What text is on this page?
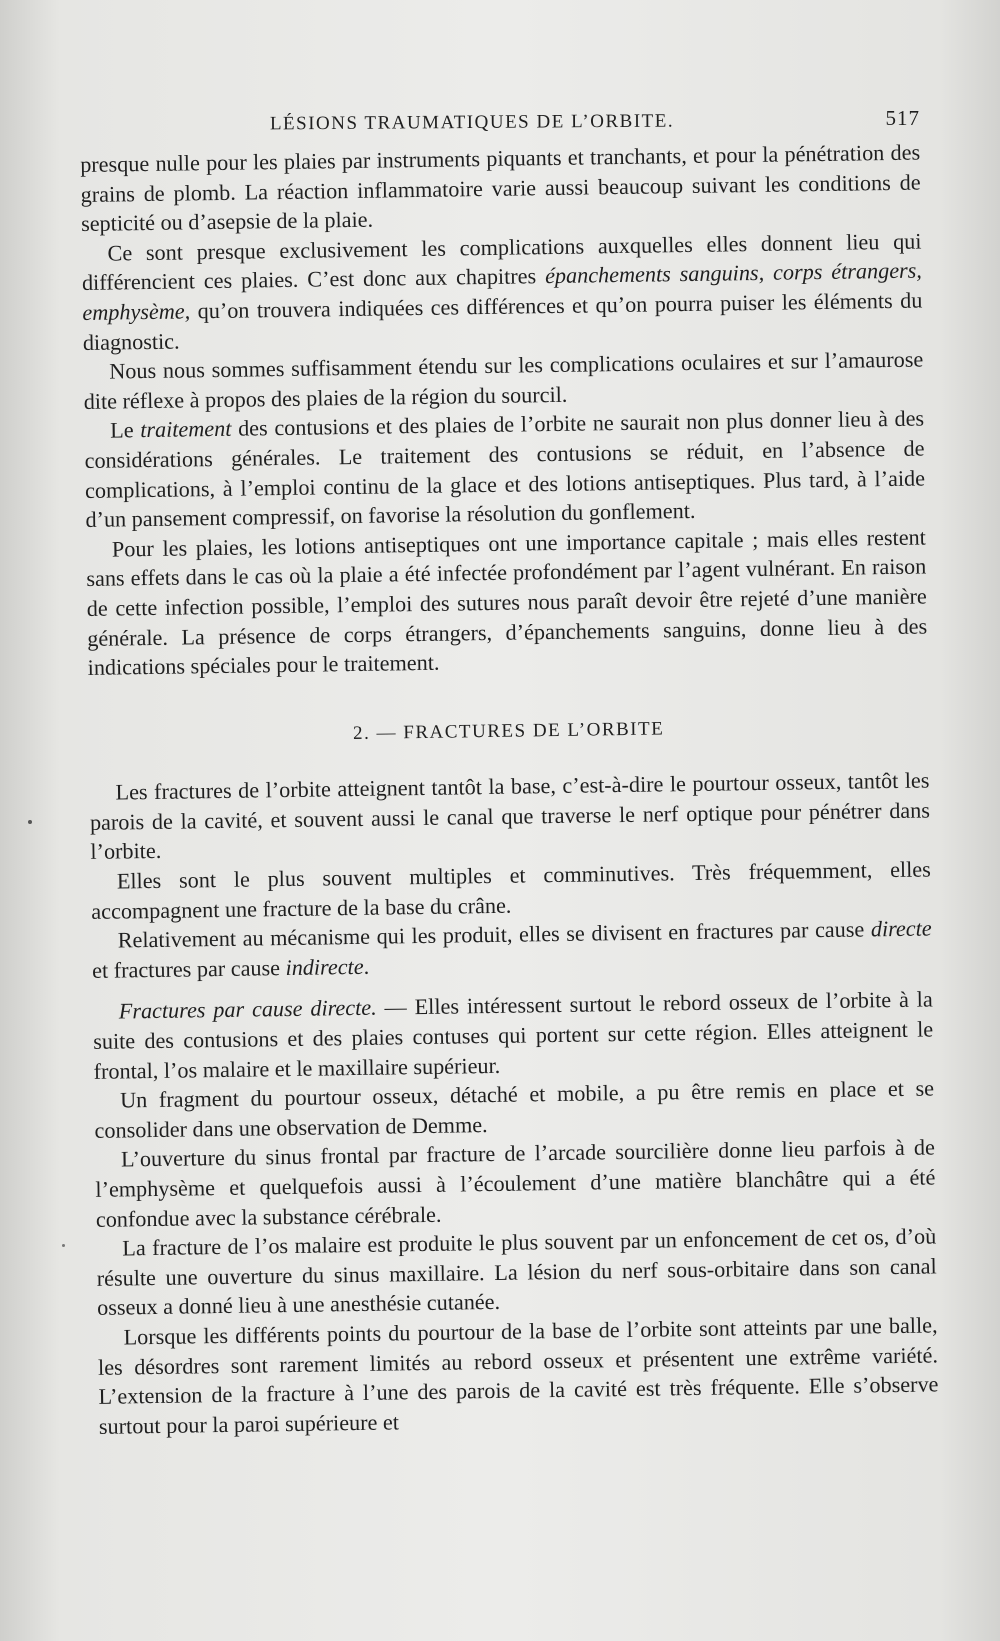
LÉSIONS TRAUMATIQUES DE L’ORBITE.	517

presque nulle pour les plaies par instruments piquants et tranchants, et pour la pénétration des grains de plomb. La réaction inflammatoire varie aussi beaucoup suivant les conditions de septicité ou d’asepsie de la plaie.

Ce sont presque exclusivement les complications auxquelles elles donnent lieu qui différencient ces plaies. C’est donc aux chapitres épanchements sanguins, corps étrangers, emphysème, qu’on trouvera indiquées ces différences et qu’on pourra puiser les éléments du diagnostic.

Nous nous sommes suffisamment étendu sur les complications oculaires et sur l’amaurose dite réflexe à propos des plaies de la région du sourcil.

Le traitement des contusions et des plaies de l’orbite ne saurait non plus donner lieu à des considérations générales. Le traitement des contusions se réduit, en l’absence de complications, à l’emploi continu de la glace et des lotions antiseptiques. Plus tard, à l’aide d’un pansement compressif, on favorise la résolution du gonflement.

Pour les plaies, les lotions antiseptiques ont une importance capitale ; mais elles restent sans effets dans le cas où la plaie a été infectée profondément par l’agent vulnérant. En raison de cette infection possible, l’emploi des sutures nous paraît devoir être rejeté d’une manière générale. La présence de corps étrangers, d’épanchements sanguins, donne lieu à des indications spéciales pour le traitement.

2. — FRACTURES DE L’ORBITE

Les fractures de l’orbite atteignent tantôt la base, c’est-à-dire le pourtour osseux, tantôt les parois de la cavité, et souvent aussi le canal que traverse le nerf optique pour pénétrer dans l’orbite.

Elles sont le plus souvent multiples et comminutives. Très fréquemment, elles accompagnent une fracture de la base du crâne.

Relativement au mécanisme qui les produit, elles se divisent en fractures par cause directe et fractures par cause indirecte.

Fractures par cause directe. — Elles intéressent surtout le rebord osseux de l’orbite à la suite des contusions et des plaies contuses qui portent sur cette région. Elles atteignent le frontal, l’os malaire et le maxillaire supérieur.

Un fragment du pourtour osseux, détaché et mobile, a pu être remis en place et se consolider dans une observation de Demme.

L’ouverture du sinus frontal par fracture de l’arcade sourcilière donne lieu parfois à de l’emphysème et quelquefois aussi à l’écoulement d’une matière blanchâtre qui a été confondue avec la substance cérébrale.

La fracture de l’os malaire est produite le plus souvent par un enfoncement de cet os, d’où résulte une ouverture du sinus maxillaire. La lésion du nerf sous-orbitaire dans son canal osseux a donné lieu à une anesthésie cutanée.

Lorsque les différents points du pourtour de la base de l’orbite sont atteints par une balle, les désordres sont rarement limités au rebord osseux et présentent une extrême variété. L’extension de la fracture à l’une des parois de la cavité est très fréquente. Elle s’observe surtout pour la paroi supérieure et
